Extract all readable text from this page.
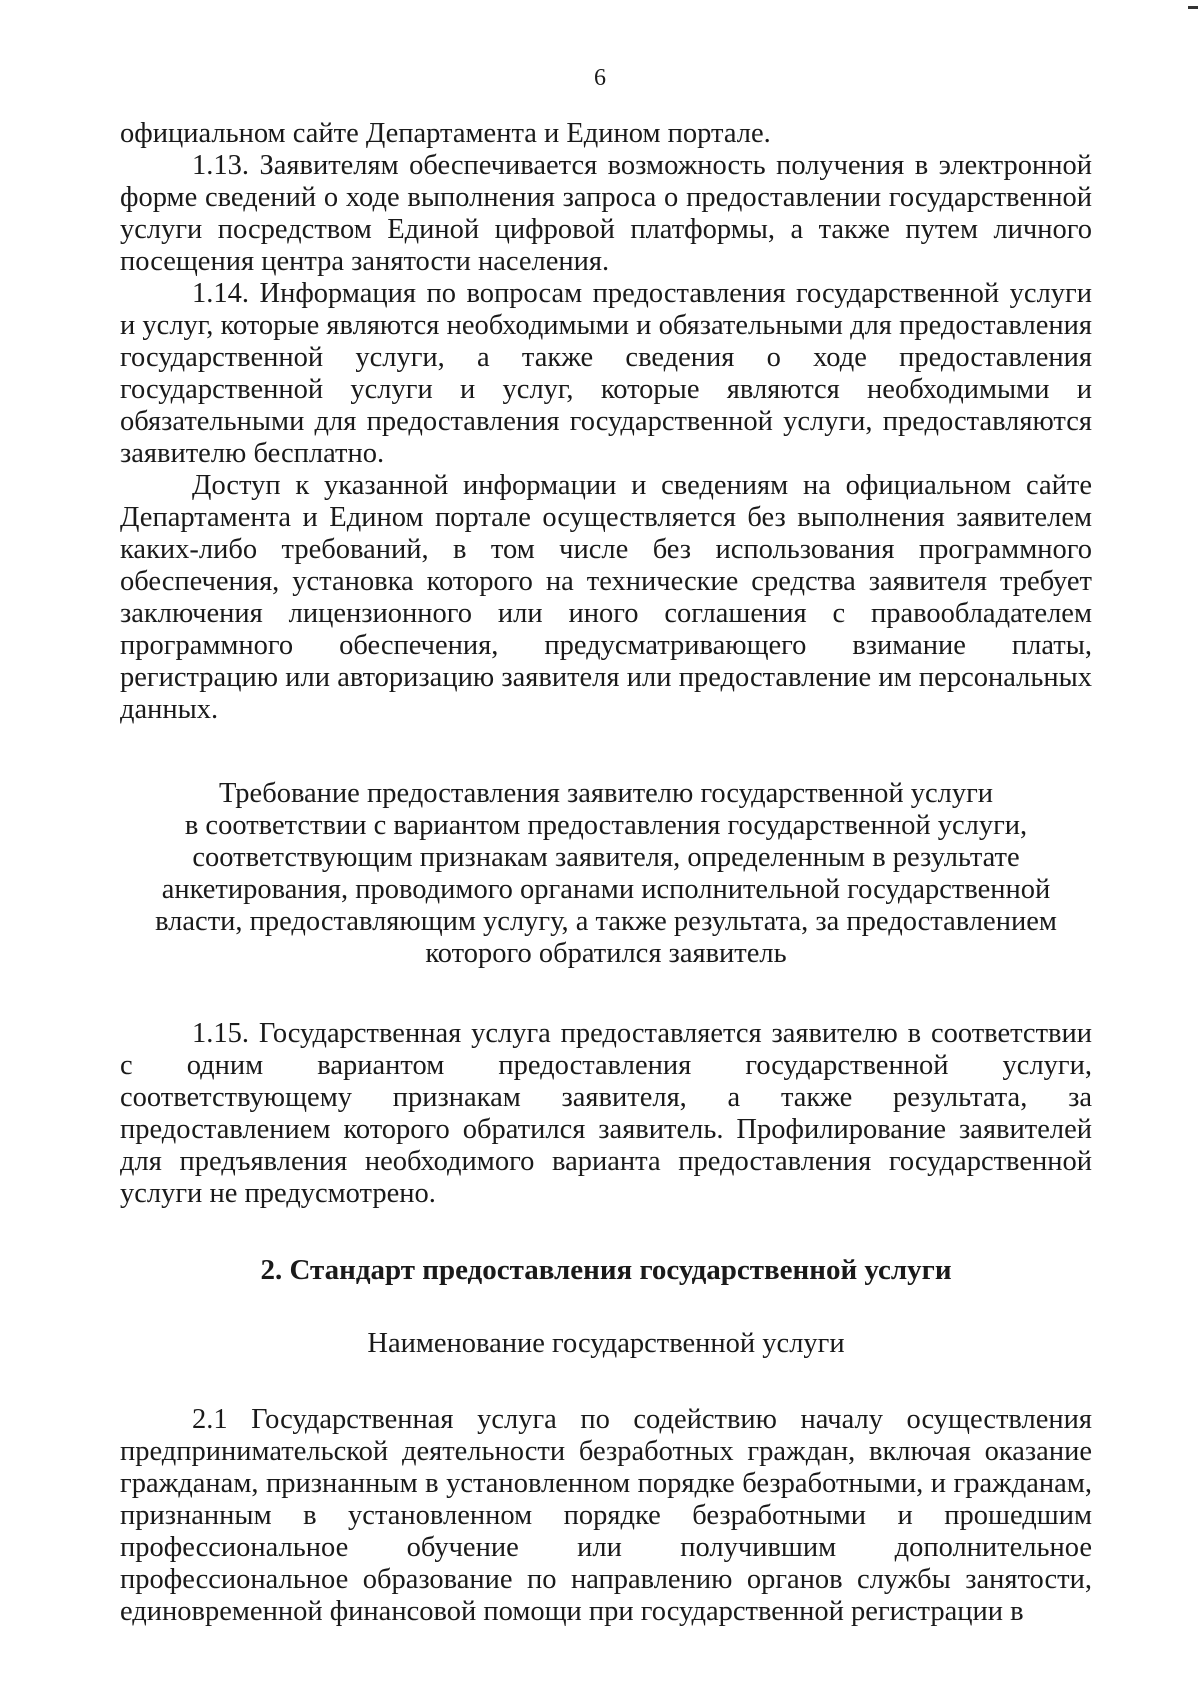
6

официальном сайте Департамента и Едином портале.

1.13. Заявителям обеспечивается возможность получения в электронной форме сведений о ходе выполнения запроса о предоставлении государственной услуги посредством Единой цифровой платформы, а также путем личного посещения центра занятости населения.

1.14. Информация по вопросам предоставления государственной услуги и услуг, которые являются необходимыми и обязательными для предоставления государственной услуги, а также сведения о ходе предоставления государственной услуги и услуг, которые являются необходимыми и обязательными для предоставления государственной услуги, предоставляются заявителю бесплатно.

Доступ к указанной информации и сведениям на официальном сайте Департамента и Едином портале осуществляется без выполнения заявителем каких-либо требований, в том числе без использования программного обеспечения, установка которого на технические средства заявителя требует заключения лицензионного или иного соглашения с правообладателем программного обеспечения, предусматривающего взимание платы, регистрацию или авторизацию заявителя или предоставление им персональных данных.

Требование предоставления заявителю государственной услуги
в соответствии с вариантом предоставления государственной услуги,
соответствующим признакам заявителя, определенным в результате
анкетирования, проводимого органами исполнительной государственной
власти, предоставляющим услугу, а также результата, за предоставлением
которого обратился заявитель

1.15. Государственная услуга предоставляется заявителю в соответствии с одним вариантом предоставления государственной услуги, соответствующему признакам заявителя, а также результата, за предоставлением которого обратился заявитель. Профилирование заявителей для предъявления необходимого варианта предоставления государственной услуги не предусмотрено.

2. Стандарт предоставления государственной услуги
Наименование государственной услуги

2.1 Государственная услуга по содействию началу осуществления предпринимательской деятельности безработных граждан, включая оказание гражданам, признанным в установленном порядке безработными, и гражданам, признанным в установленном порядке безработными и прошедшим профессиональное обучение или получившим дополнительное профессиональное образование по направлению органов службы занятости, единовременной финансовой помощи при государственной регистрации в
